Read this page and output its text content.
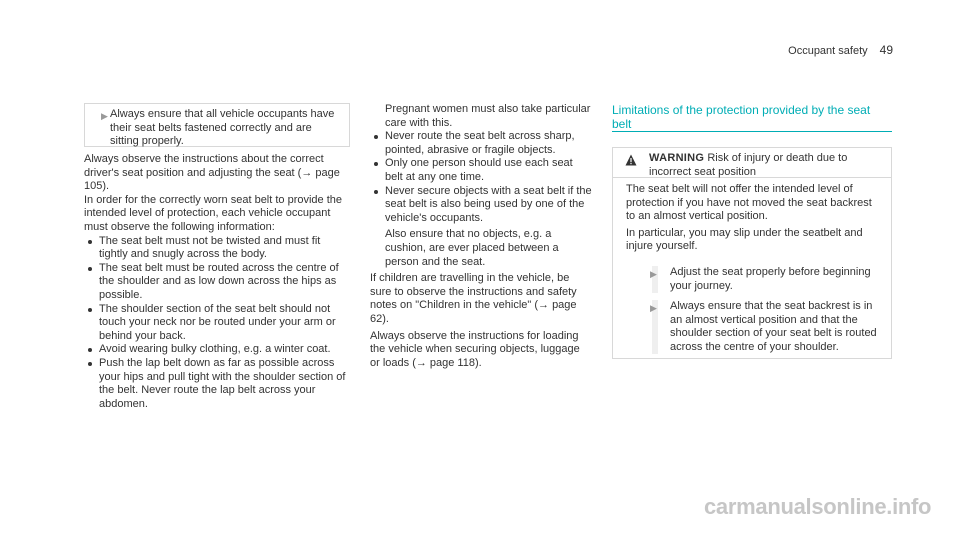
Occupant safety 49
▶ Always ensure that all vehicle occupants have their seat belts fastened correctly and are sitting properly.

Always observe the instructions about the correct driver's seat position and adjusting the seat (→ page 105).

In order for the correctly worn seat belt to provide the intended level of protection, each vehicle occupant must observe the following information:

The seat belt must not be twisted and must fit tightly and snugly across the body.
The seat belt must be routed across the centre of the shoulder and as low down across the hips as possible.
The shoulder section of the seat belt should not touch your neck nor be routed under your arm or behind your back.
Avoid wearing bulky clothing, e.g. a winter coat.
Push the lap belt down as far as possible across your hips and pull tight with the shoulder section of the belt. Never route the lap belt across your abdomen.

Pregnant women must also take particular care with this.

Never route the seat belt across sharp, pointed, abrasive or fragile objects.
Only one person should use each seat belt at any one time.
Never secure objects with a seat belt if the seat belt is also being used by one of the vehicle's occupants.

Also ensure that no objects, e.g. a cushion, are ever placed between a person and the seat.

If children are travelling in the vehicle, be sure to observe the instructions and safety notes on "Children in the vehicle" (→ page 62).

Always observe the instructions for loading the vehicle when securing objects, luggage or loads (→ page 118).

Limitations of the protection provided by the seat belt

WARNING Risk of injury or death due to incorrect seat position

The seat belt will not offer the intended level of protection if you have not moved the seat backrest to an almost vertical position.

In particular, you may slip under the seatbelt and injure yourself.

▶ Adjust the seat properly before beginning your journey.

▶ Always ensure that the seat backrest is in an almost vertical position and that the shoulder section of your seat belt is routed across the centre of your shoulder.

carmanualsonline.info
